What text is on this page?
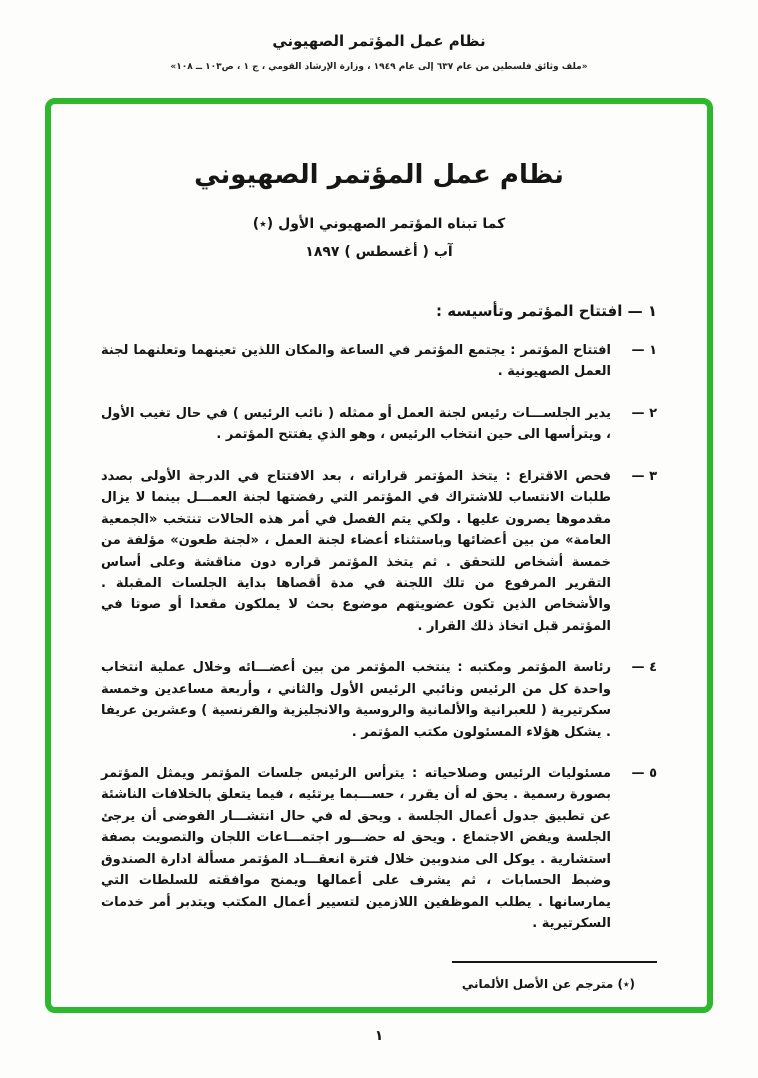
نظام عمل المؤتمر الصهيوني
«ملف وثائق فلسطين من عام ٦٣٧ إلى عام ١٩٤٩ ، وزارة الإرشاد القومي ، ج ١ ، ص١٠٣ ــ ١٠٨»
نظام عمل المؤتمر الصهيوني
كما تبناه المؤتمر الصهيوني الأول (٭)
آب ( أغسطس ) ١٨٩٧
١ — افتتاح المؤتمر وتأسيسه :
١ —
افتتاح المؤتمر : يجتمع المؤتمر في الساعة والمكان اللذين تعينهما وتعلنهما لجنة العمل الصهيونية .
٢ —
يدير الجلســـات رئيس لجنة العمل أو ممثله ( نائب الرئيس ) في حال تغيب الأول ، ويترأسها الى حين انتخاب الرئيس ، وهو الذي يفتتح المؤتمر .
٣ —
فحص الاقتراع : يتخذ المؤتمر قراراته ، بعد الافتتاح في الدرجة الأولى بصدد طلبات الانتساب للاشتراك في المؤتمر التي رفضتها لجنة العمـــل بينما لا يزال مقدموها يصرون عليها . ولكي يتم الفصل في أمر هذه الحالات تنتخب «الجمعية العامة» من بين أعضائها وباستثناء أعضاء لجنة العمل ، «لجنة طعون» مؤلفة من خمسة أشخاص للتحقق . ثم يتخذ المؤتمر قراره دون مناقشة وعلى أساس التقرير المرفوع من تلك اللجنة في مدة أقصاها بداية الجلسات المقبلة . والأشخاص الذين تكون عضويتهم موضوع بحث لا يملكون مقعدا أو صوتا في المؤتمر قبل اتخاذ ذلك القرار .
٤ —
رئاسة المؤتمر ومكتبه : ينتخب المؤتمر من بين أعضـــائه وخلال عملية انتخاب واحدة كل من الرئيس ونائبي الرئيس الأول والثاني ، وأربعة مساعدين وخمسة سكرتيرية ( للعبرانية والألمانية والروسية والانجليزية والفرنسية ) وعشرين عريفا . يشكل هؤلاء المسئولون مكتب المؤتمر .
٥ —
مسئوليات الرئيس وصلاحياته : يترأس الرئيس جلسات المؤتمر ويمثل المؤتمر بصورة رسمية . يحق له أن يقرر ، حســـبما يرتئيه ، فيما يتعلق بالخلافات الناشئة عن تطبيق جدول أعمال الجلسة . ويحق له في حال انتشـــار الفوضى أن يرجئ الجلسة ويفض الاجتماع . ويحق له حضـــور اجتمـــاعات اللجان والتصويت بصفة استشارية . يوكل الى مندوبين خلال فترة انعقـــاد المؤتمر مسألة ادارة الصندوق وضبط الحسابات ، ثم يشرف على أعمالها ويمنح موافقته للسلطات التي يمارسانها . يطلب الموظفين اللازمين لتسيير أعمال المكتب ويتدبر أمر خدمات السكرتيرية .
(٭) مترجم عن الأصل الألماني
١
